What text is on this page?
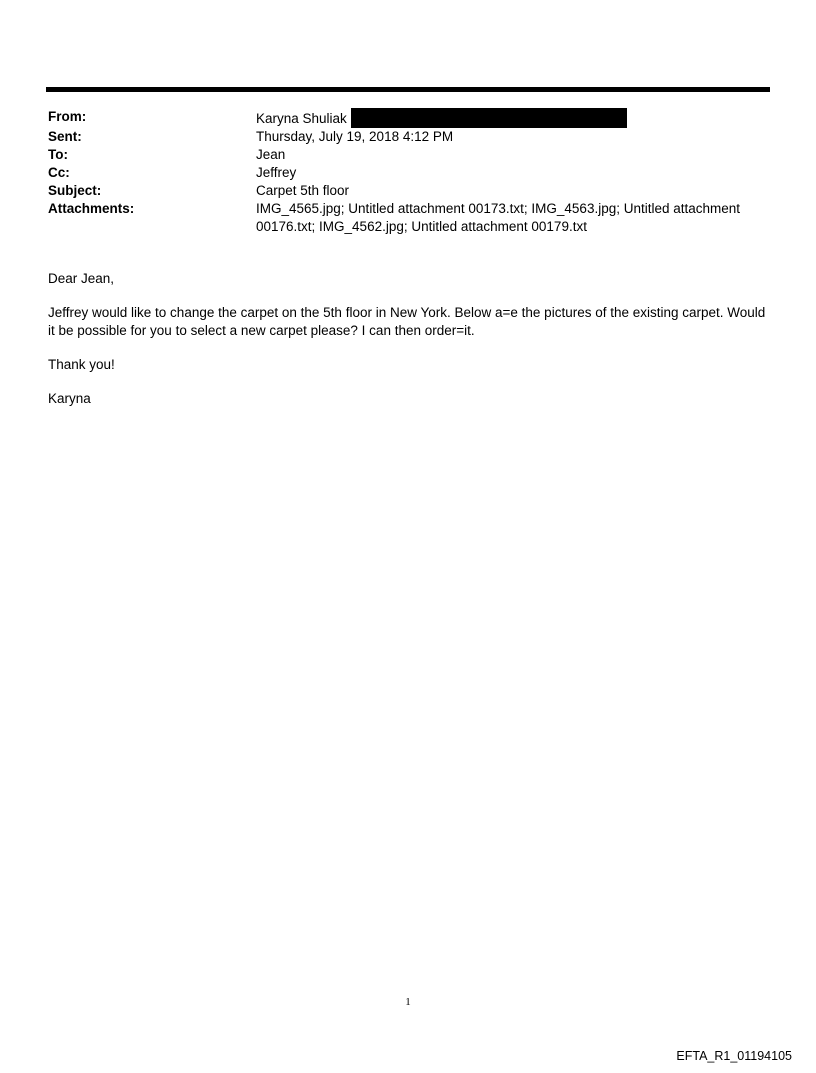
From:	Karyna Shuliak
Sent:	Thursday, July 19, 2018 4:12 PM
To:	Jean
Cc:	Jeffrey
Subject:	Carpet 5th floor
Attachments:	IMG_4565.jpg; Untitled attachment 00173.txt; IMG_4563.jpg; Untitled attachment 00176.txt; IMG_4562.jpg; Untitled attachment 00179.txt

Dear Jean,

Jeffrey would like to change the carpet on the 5th floor in New York. Below a=e the pictures of the existing carpet. Would it be possible for you to select a new carpet please? I can then order=it.

Thank you!

Karyna

1
EFTA_R1_01194105
